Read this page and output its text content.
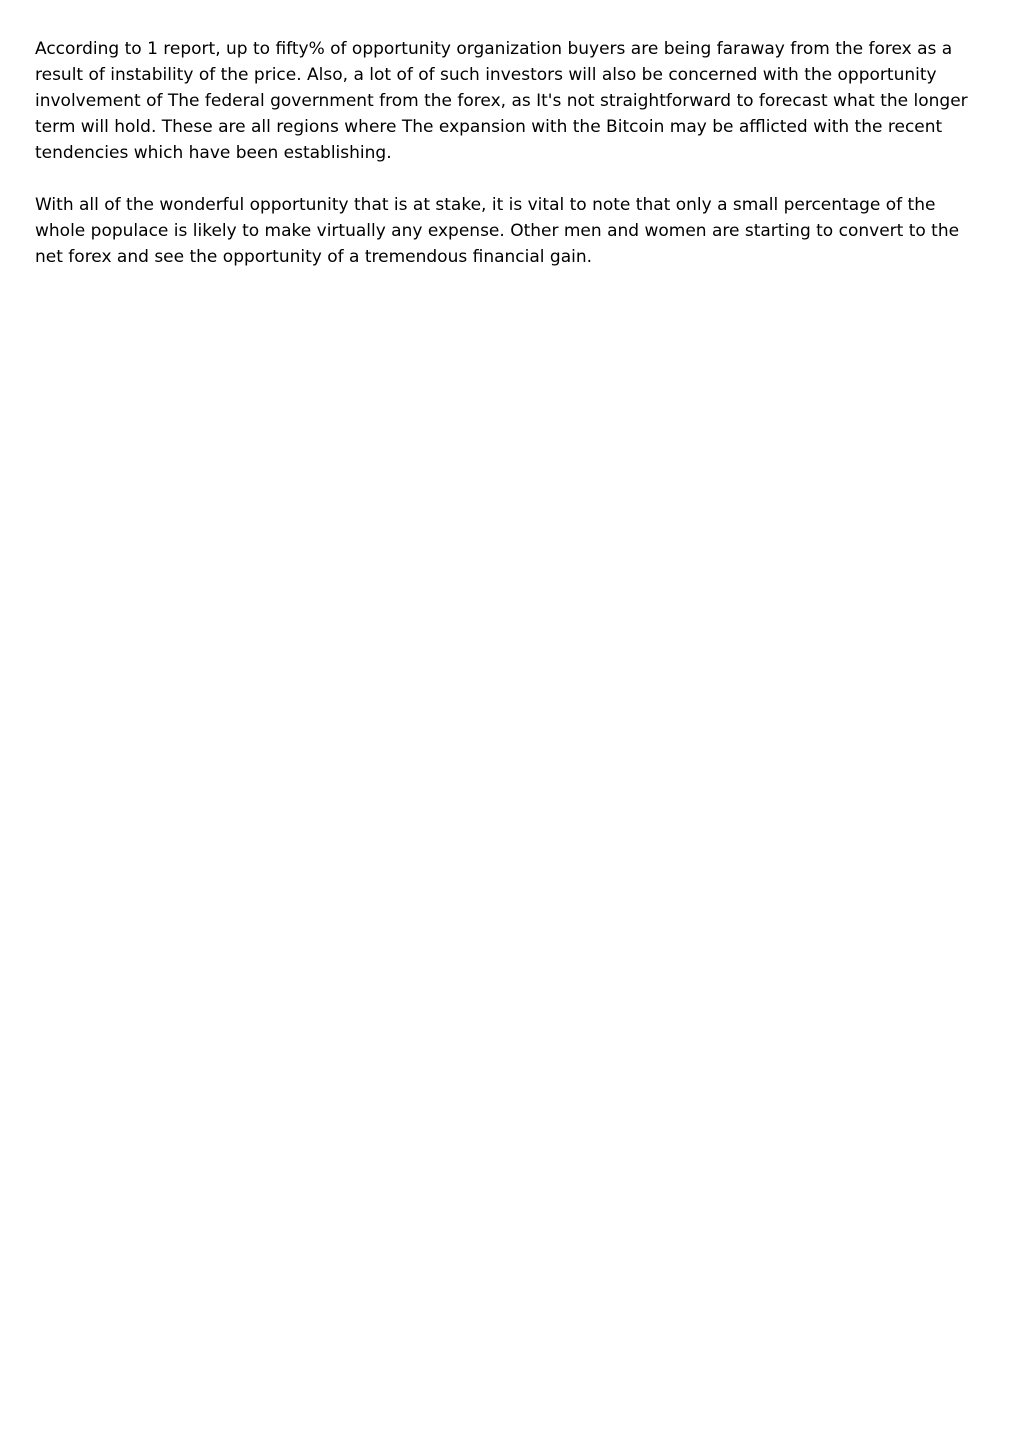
According to 1 report, up to fifty% of opportunity organization buyers are being faraway from the forex as a result of instability of the price. Also, a lot of of such investors will also be concerned with the opportunity involvement of The federal government from the forex, as It's not straightforward to forecast what the longer term will hold. These are all regions where The expansion with the Bitcoin may be afflicted with the recent tendencies which have been establishing.

With all of the wonderful opportunity that is at stake, it is vital to note that only a small percentage of the whole populace is likely to make virtually any expense. Other men and women are starting to convert to the net forex and see the opportunity of a tremendous financial gain.
